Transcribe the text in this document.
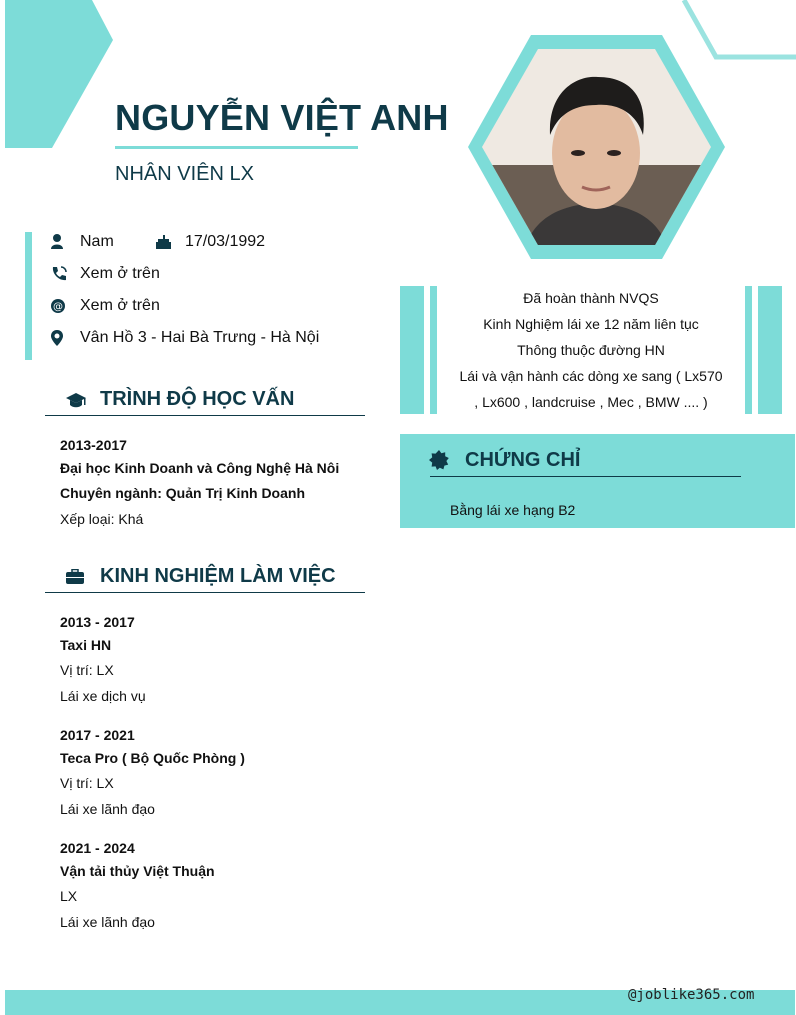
NGUYỄN VIỆT ANH
NHÂN VIÊN LX
Nam	17/03/1992
Xem ở trên
@ Xem ở trên
Vân Hồ 3 - Hai Bà Trưng - Hà Nội
TRÌNH ĐỘ HỌC VẤN
2013-2017
Đại học Kinh Doanh và Công Nghệ Hà Nôi
Chuyên ngành: Quản Trị Kinh Doanh
Xếp loại: Khá
KINH NGHIỆM LÀM VIỆC
2013 - 2017
Taxi HN
Vị trí: LX
Lái xe dịch vụ
2017 - 2021
Teca Pro ( Bộ Quốc Phòng )
Vị trí: LX
Lái xe lãnh đạo
2021 - 2024
Vận tải thủy Việt Thuận
LX
Lái xe lãnh đạo
Đã hoàn thành NVQS
Kinh Nghiệm lái xe 12 năm liên tục
Thông thuộc đường HN
Lái và vận hành các dòng xe sang ( Lx570
, Lx600 , landcruise , Mec , BMW .... )
CHỨNG CHỈ
Bằng lái xe hạng B2
@joblike365.com
